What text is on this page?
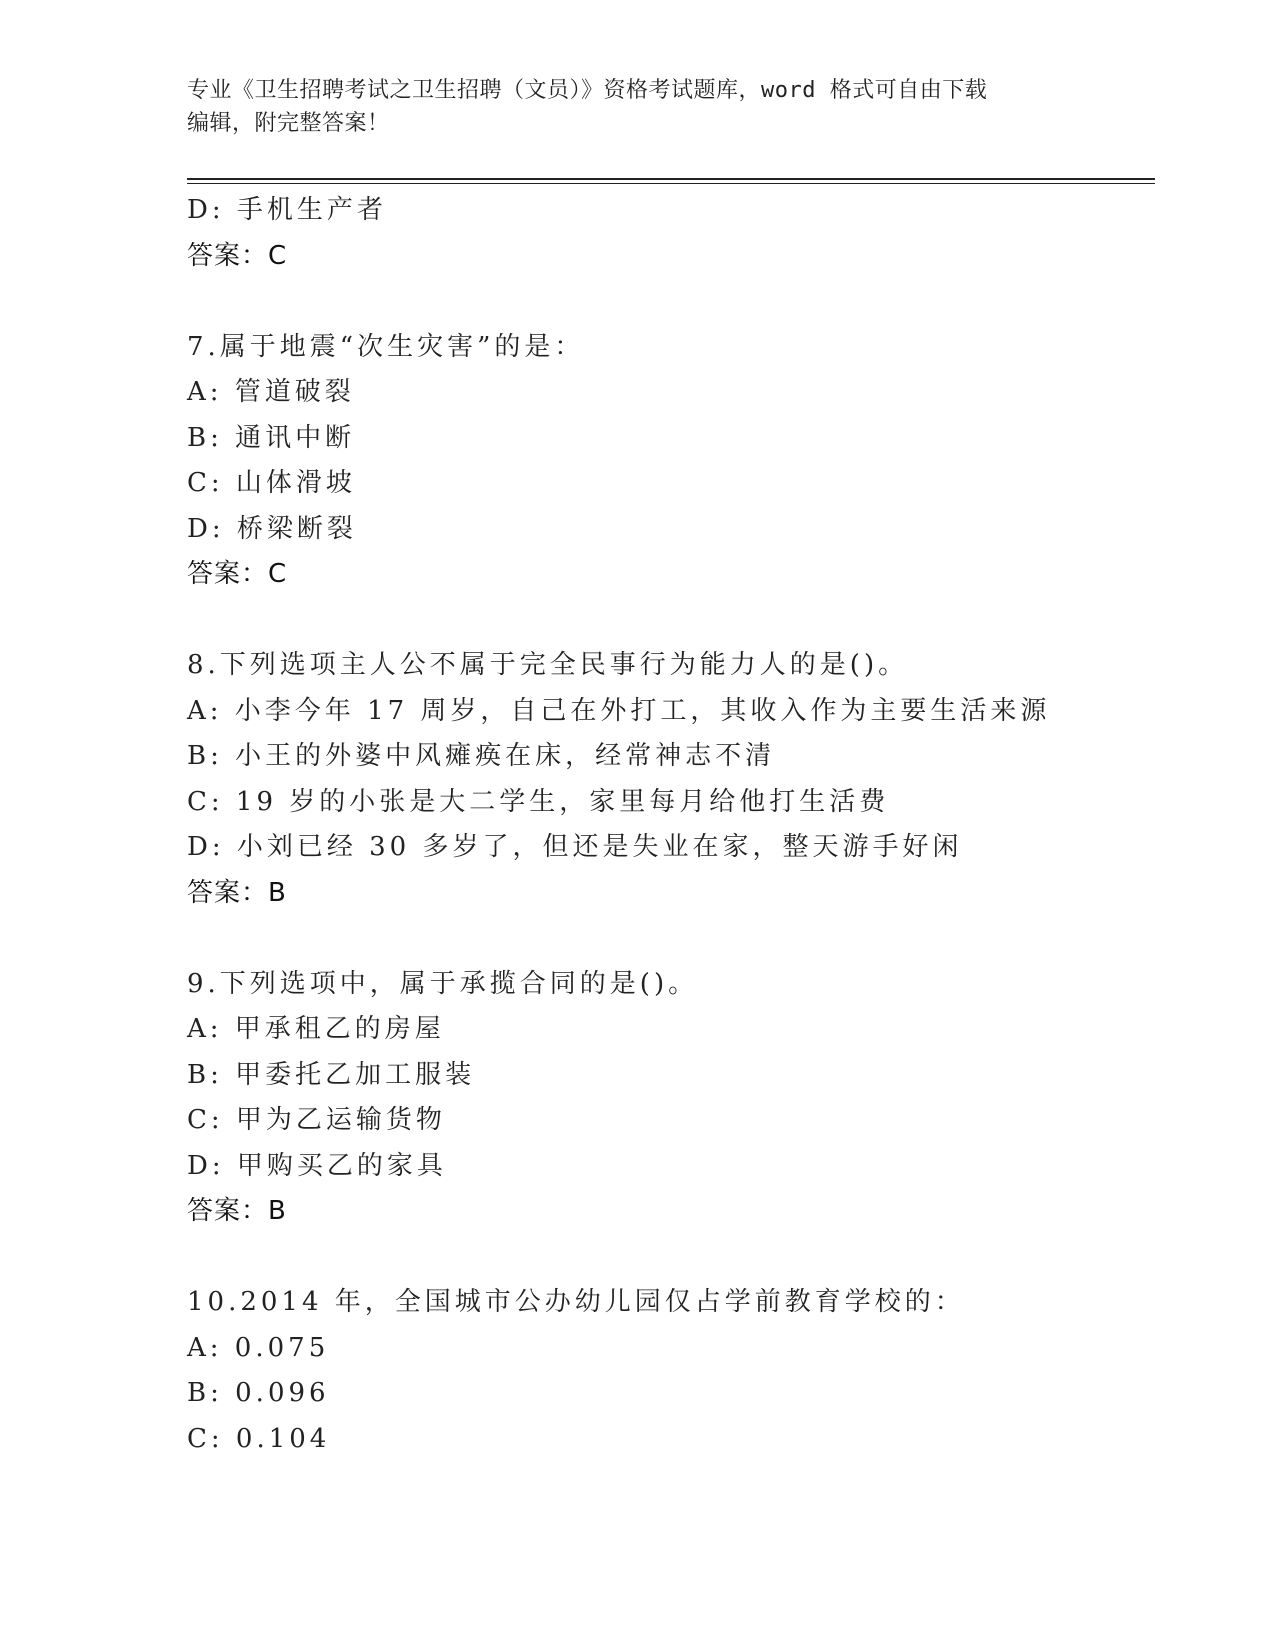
专业《卫生招聘考试之卫生招聘（文员）》资格考试题库，word 格式可自由下载
编辑，附完整答案！
D: 手机生产者
答案：C
7.属于地震“次生灾害”的是：
A: 管道破裂
B: 通讯中断
C: 山体滑坡
D: 桥梁断裂
答案：C
8.下列选项主人公不属于完全民事行为能力人的是()。
A: 小李今年 17 周岁，自己在外打工，其收入作为主要生活来源
B: 小王的外婆中风瘫痪在床，经常神志不清
C: 19 岁的小张是大二学生，家里每月给他打生活费
D: 小刘已经 30 多岁了，但还是失业在家，整天游手好闲
答案：B
9.下列选项中，属于承揽合同的是()。
A: 甲承租乙的房屋
B: 甲委托乙加工服装
C: 甲为乙运输货物
D: 甲购买乙的家具
答案：B
10.2014 年，全国城市公办幼儿园仅占学前教育学校的：
A: 0.075
B: 0.096
C: 0.104
